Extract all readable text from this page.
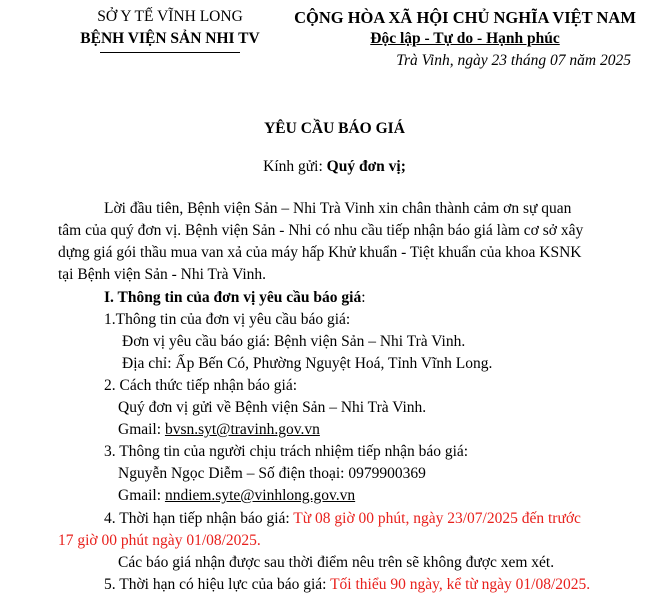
SỞ Y TẾ VĨNH LONG
BỆNH VIỆN SẢN NHI TV
CỘNG HÒA XÃ HỘI CHỦ NGHĨA VIỆT NAM
Độc lập - Tự do - Hạnh phúc
Trà Vinh, ngày 23 tháng 07 năm 2025
YÊU CẦU BÁO GIÁ
Kính gửi: Quý đơn vị;
Lời đầu tiên, Bệnh viện Sản – Nhi Trà Vinh xin chân thành cảm ơn sự quan
tâm của quý đơn vị. Bệnh viện Sản - Nhi có nhu cầu tiếp nhận báo giá làm cơ sở xây
dựng giá gói thầu mua van xả của máy hấp Khử khuẩn - Tiệt khuẩn của khoa KSNK
tại Bệnh viện Sản - Nhi Trà Vinh.
I. Thông tin của đơn vị yêu cầu báo giá:
1.Thông tin của đơn vị yêu cầu báo giá:
Đơn vị yêu cầu báo giá: Bệnh viện Sản – Nhi Trà Vinh.
Địa chỉ: Ấp Bến Có, Phường Nguyệt Hoá, Tỉnh Vĩnh Long.
2. Cách thức tiếp nhận báo giá:
Quý đơn vị gửi về Bệnh viện Sản – Nhi Trà Vinh.
Gmail: bvsn.syt@travinh.gov.vn
3. Thông tin của người chịu trách nhiệm tiếp nhận báo giá:
Nguyễn Ngọc Diễm – Số điện thoại: 0979900369
Gmail: nndiem.syte@vinhlong.gov.vn
4. Thời hạn tiếp nhận báo giá: Từ 08 giờ 00 phút, ngày 23/07/2025 đến trước
17 giờ 00 phút ngày 01/08/2025.
Các báo giá nhận được sau thời điểm nêu trên sẽ không được xem xét.
5. Thời hạn có hiệu lực của báo giá: Tối thiểu 90 ngày, kể từ ngày 01/08/2025.
